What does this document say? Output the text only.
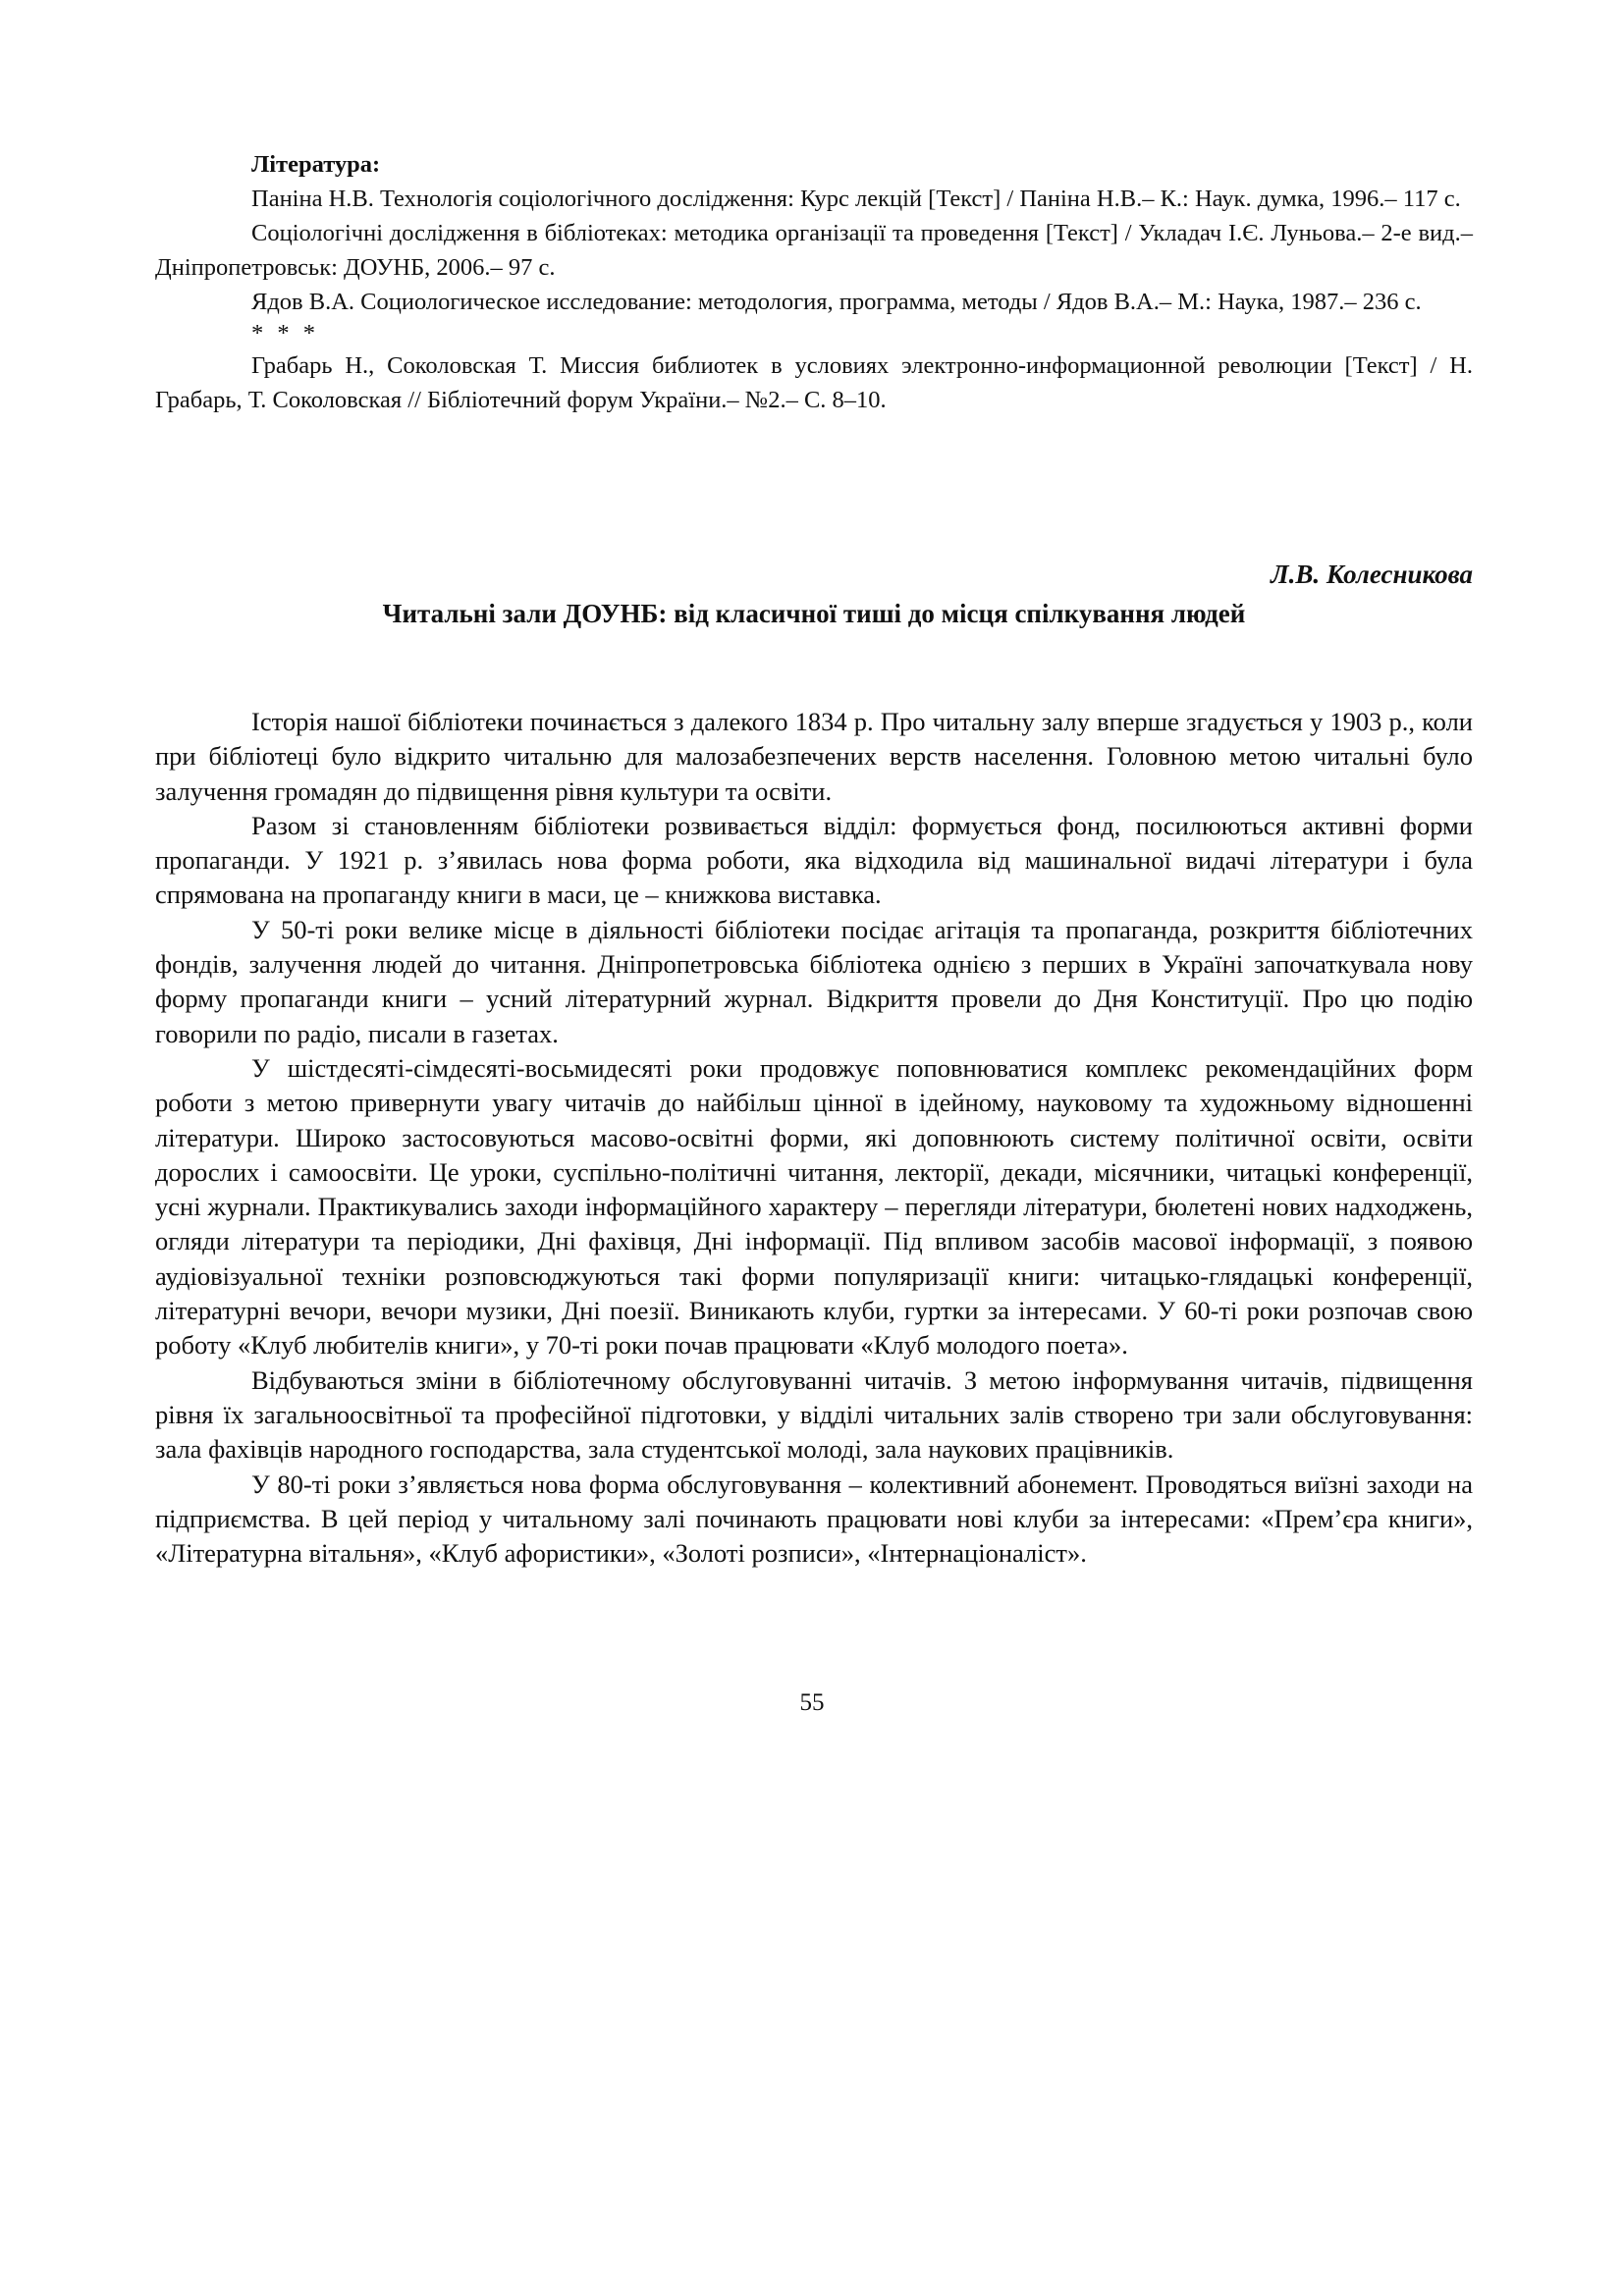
Література:

Паніна Н.В. Технологія соціологічного дослідження: Курс лекцій [Текст] / Паніна Н.В.– К.: Наук. думка, 1996.– 117 с.

Соціологічні дослідження в бібліотеках: методика організації та проведення [Текст] / Укладач І.Є. Луньова.– 2-е вид.– Дніпропетровськ: ДОУНБ, 2006.– 97 с.

Ядов В.А. Социологическое исследование: методология, программа, методы / Ядов В.А.– М.: Наука, 1987.– 236 с.

* * *

Грабарь Н., Соколовская Т. Миссия библиотек в условиях электронно-информационной революции [Текст] / Н. Грабарь, Т. Соколовская // Бібліотечний форум України.– №2.– С. 8–10.

Л.В. Колесникова
Читальні зали ДОУНБ: від класичної тиші до місця спілкування людей

Історія нашої бібліотеки починається з далекого 1834 р. Про читальну залу вперше згадується у 1903 р., коли при бібліотеці було відкрито читальню для малозабезпечених верств населення. Головною метою читальні було залучення громадян до підвищення рівня культури та освіти.

Разом зі становленням бібліотеки розвивається відділ: формується фонд, посилюються активні форми пропаганди. У 1921 р. з’явилась нова форма роботи, яка відходила від машинальної видачі літератури і була спрямована на пропаганду книги в маси, це – книжкова виставка.

У 50-ті роки велике місце в діяльності бібліотеки посідає агітація та пропаганда, розкриття бібліотечних фондів, залучення людей до читання. Дніпропетровська бібліотека однією з перших в Україні започаткувала нову форму пропаганди книги – усний літературний журнал. Відкриття провели до Дня Конституції. Про цю подію говорили по радіо, писали в газетах.

У шістдесяті-сімдесяті-восьмидесяті роки продовжує поповнюватися комплекс рекомендаційних форм роботи з метою привернути увагу читачів до найбільш цінної в ідейному, науковому та художньому відношенні літератури. Широко застосовуються масово-освітні форми, які доповнюють систему політичної освіти, освіти дорослих і самоосвіти. Це уроки, суспільно-політичні читання, лекторії, декади, місячники, читацькі конференції, усні журнали. Практикувались заходи інформаційного характеру – перегляди літератури, бюлетені нових надходжень, огляди літератури та періодики, Дні фахівця, Дні інформації. Під впливом засобів масової інформації, з появою аудіовізуальної техніки розповсюджуються такі форми популяризації книги: читацько-глядацькі конференції, літературні вечори, вечори музики, Дні поезії. Виникають клуби, гуртки за інтересами. У 60-ті роки розпочав свою роботу «Клуб любителів книги», у 70-ті роки почав працювати «Клуб молодого поета».

Відбуваються зміни в бібліотечному обслуговуванні читачів. З метою інформування читачів, підвищення рівня їх загальноосвітньої та професійної підготовки, у відділі читальних залів створено три зали обслуговування: зала фахівців народного господарства, зала студентської молоді, зала наукових працівників.

У 80-ті роки з’являється нова форма обслуговування – колективний абонемент. Проводяться виїзні заходи на підприємства. В цей період у читальному залі починають працювати нові клуби за інтересами: «Прем’єра книги», «Літературна вітальня», «Клуб афористики», «Золоті розписи», «Інтернаціоналіст».

55
